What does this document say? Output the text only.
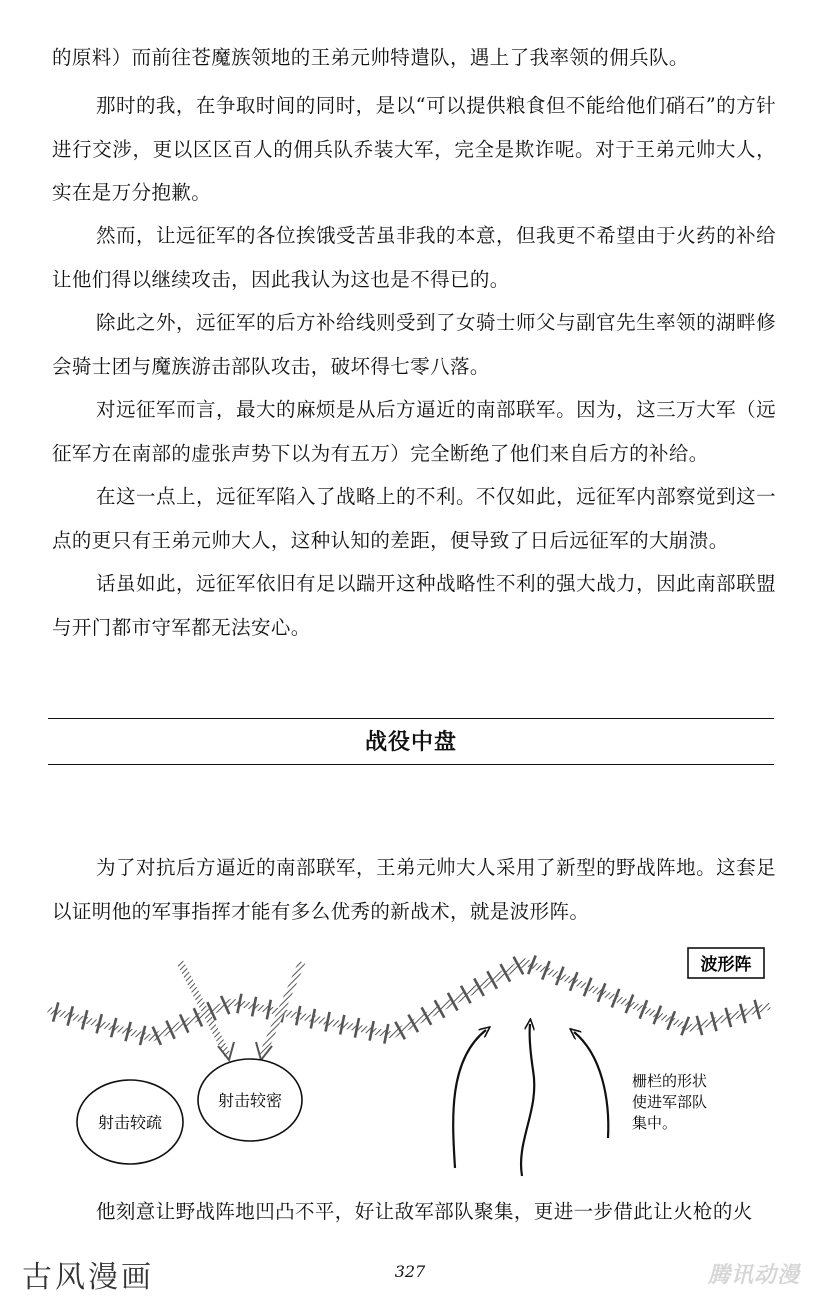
的原料）而前往苍魔族领地的王弟元帅特遣队，遇上了我率领的佣兵队。

那时的我，在争取时间的同时，是以“可以提供粮食但不能给他们硝石”的方针进行交涉，更以区区百人的佣兵队乔装大军，完全是欺诈呢。对于王弟元帅大人，实在是万分抱歉。

然而，让远征军的各位挨饿受苦虽非我的本意，但我更不希望由于火药的补给让他们得以继续攻击，因此我认为这也是不得已的。

除此之外，远征军的后方补给线则受到了女骑士师父与副官先生率领的湖畔修会骑士团与魔族游击部队攻击，破坏得七零八落。

对远征军而言，最大的麻烦是从后方逼近的南部联军。因为，这三万大军（远征军方在南部的虚张声势下以为有五万）完全断绝了他们来自后方的补给。

在这一点上，远征军陷入了战略上的不利。不仅如此，远征军内部察觉到这一点的更只有王弟元帅大人，这种认知的差距，便导致了日后远征军的大崩溃。

话虽如此，远征军依旧有足以踹开这种战略性不利的强大战力，因此南部联盟与开门都市守军都无法安心。

战役中盘

为了对抗后方逼近的南部联军，王弟元帅大人采用了新型的野战阵地。这套足以证明他的军事指挥才能有多么优秀的新战术，就是波形阵。

射击较疏
射击较密
栅栏的形状
使进军部队
集中。
波形阵

他刻意让野战阵地凹凸不平，好让敌军部队聚集，更进一步借此让火枪的火

古风漫画	327	腾讯动漫
